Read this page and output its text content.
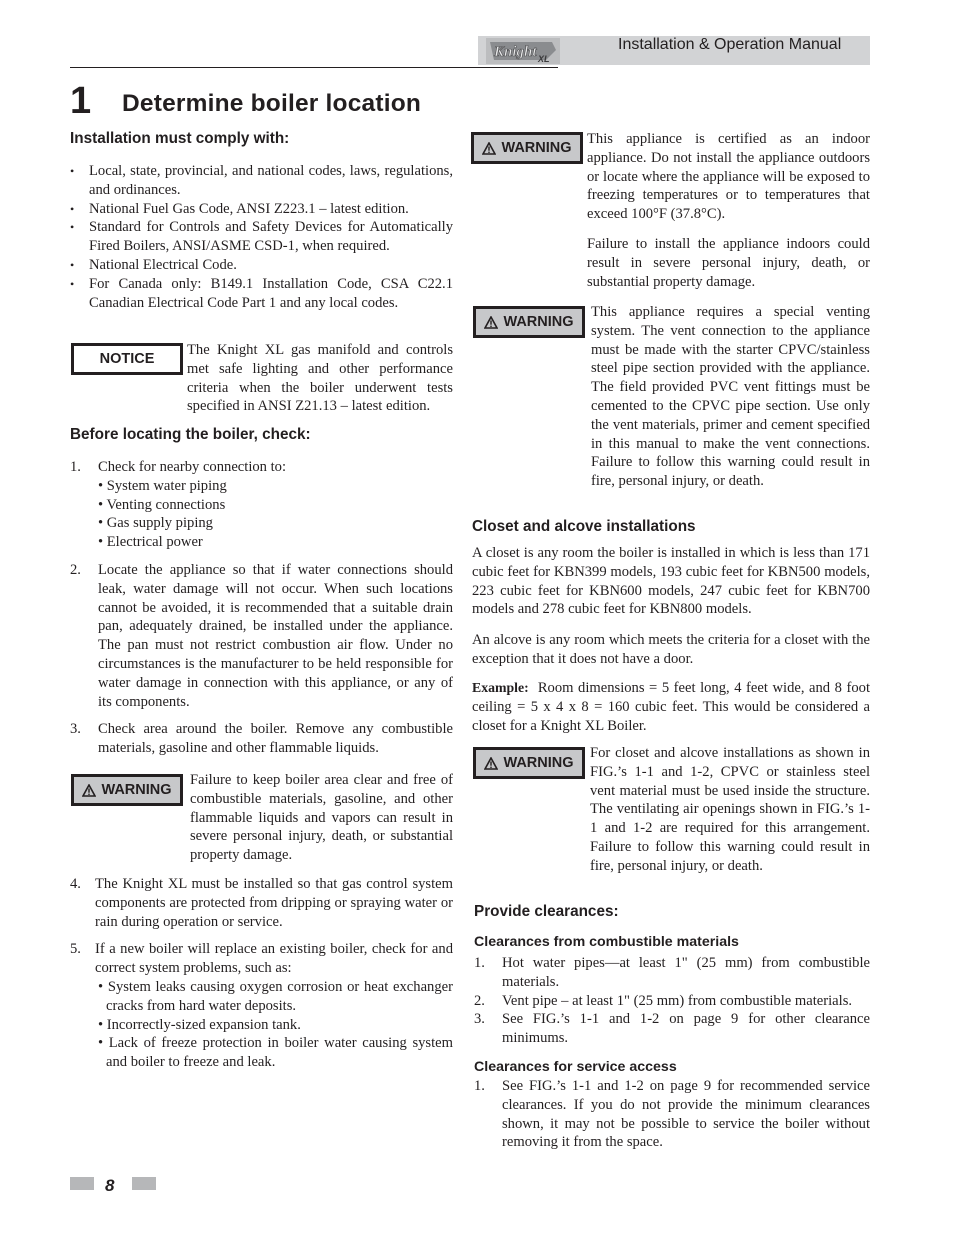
Knight XL
Installation & Operation Manual
1 Determine boiler location
Installation must comply with:
• Local, state, provincial, and national codes, laws, regulations, and ordinances.
• National Fuel Gas Code, ANSI Z223.1 – latest edition.
• Standard for Controls and Safety Devices for Automatically Fired Boilers, ANSI/ASME CSD-1, when required.
• National Electrical Code.
• For Canada only: B149.1 Installation Code, CSA C22.1 Canadian Electrical Code Part 1 and any local codes.
NOTICE
The Knight XL gas manifold and controls met safe lighting and other performance criteria when the boiler underwent tests specified in ANSI Z21.13 – latest edition.
Before locating the boiler, check:
1. Check for nearby connection to:
• System water piping
• Venting connections
• Gas supply piping
• Electrical power
2. Locate the appliance so that if water connections should leak, water damage will not occur. When such locations cannot be avoided, it is recommended that a suitable drain pan, adequately drained, be installed under the appliance. The pan must not restrict combustion air flow. Under no circumstances is the manufacturer to be held responsible for water damage in connection with this appliance, or any of its components.
3. Check area around the boiler. Remove any combustible materials, gasoline and other flammable liquids.
WARNING
Failure to keep boiler area clear and free of combustible materials, gasoline, and other flammable liquids and vapors can result in severe personal injury, death, or substantial property damage.
4. The Knight XL must be installed so that gas control system components are protected from dripping or spraying water or rain during operation or service.
5. If a new boiler will replace an existing boiler, check for and correct system problems, such as:
• System leaks causing oxygen corrosion or heat exchanger cracks from hard water deposits.
• Incorrectly-sized expansion tank.
• Lack of freeze protection in boiler water causing system and boiler to freeze and leak.
WARNING
This appliance is certified as an indoor appliance. Do not install the appliance outdoors or locate where the appliance will be exposed to freezing temperatures or to temperatures that exceed 100°F (37.8°C).
Failure to install the appliance indoors could result in severe personal injury, death, or substantial property damage.
WARNING
This appliance requires a special venting system. The vent connection to the appliance must be made with the starter CPVC/stainless steel pipe section provided with the appliance. The field provided PVC vent fittings must be cemented to the CPVC pipe section. Use only the vent materials, primer and cement specified in this manual to make the vent connections. Failure to follow this warning could result in fire, personal injury, or death.
Closet and alcove installations
A closet is any room the boiler is installed in which is less than 171 cubic feet for KBN399 models, 193 cubic feet for KBN500 models, 223 cubic feet for KBN600 models, 247 cubic feet for KBN700 models and 278 cubic feet for KBN800 models.
An alcove is any room which meets the criteria for a closet with the exception that it does not have a door.
Example: Room dimensions = 5 feet long, 4 feet wide, and 8 foot ceiling = 5 x 4 x 8 = 160 cubic feet. This would be considered a closet for a Knight XL Boiler.
WARNING
For closet and alcove installations as shown in FIG.’s 1-1 and 1-2, CPVC or stainless steel vent material must be used inside the structure. The ventilating air openings shown in FIG.’s 1-1 and 1-2 are required for this arrangement. Failure to follow this warning could result in fire, personal injury, or death.
Provide clearances:
Clearances from combustible materials
1. Hot water pipes—at least 1" (25 mm) from combustible materials.
2. Vent pipe – at least 1" (25 mm) from combustible materials.
3. See FIG.’s 1-1 and 1-2 on page 9 for other clearance minimums.
Clearances for service access
1. See FIG.’s 1-1 and 1-2 on page 9 for recommended service clearances. If you do not provide the minimum clearances shown, it may not be possible to service the boiler without removing it from the space.
8
